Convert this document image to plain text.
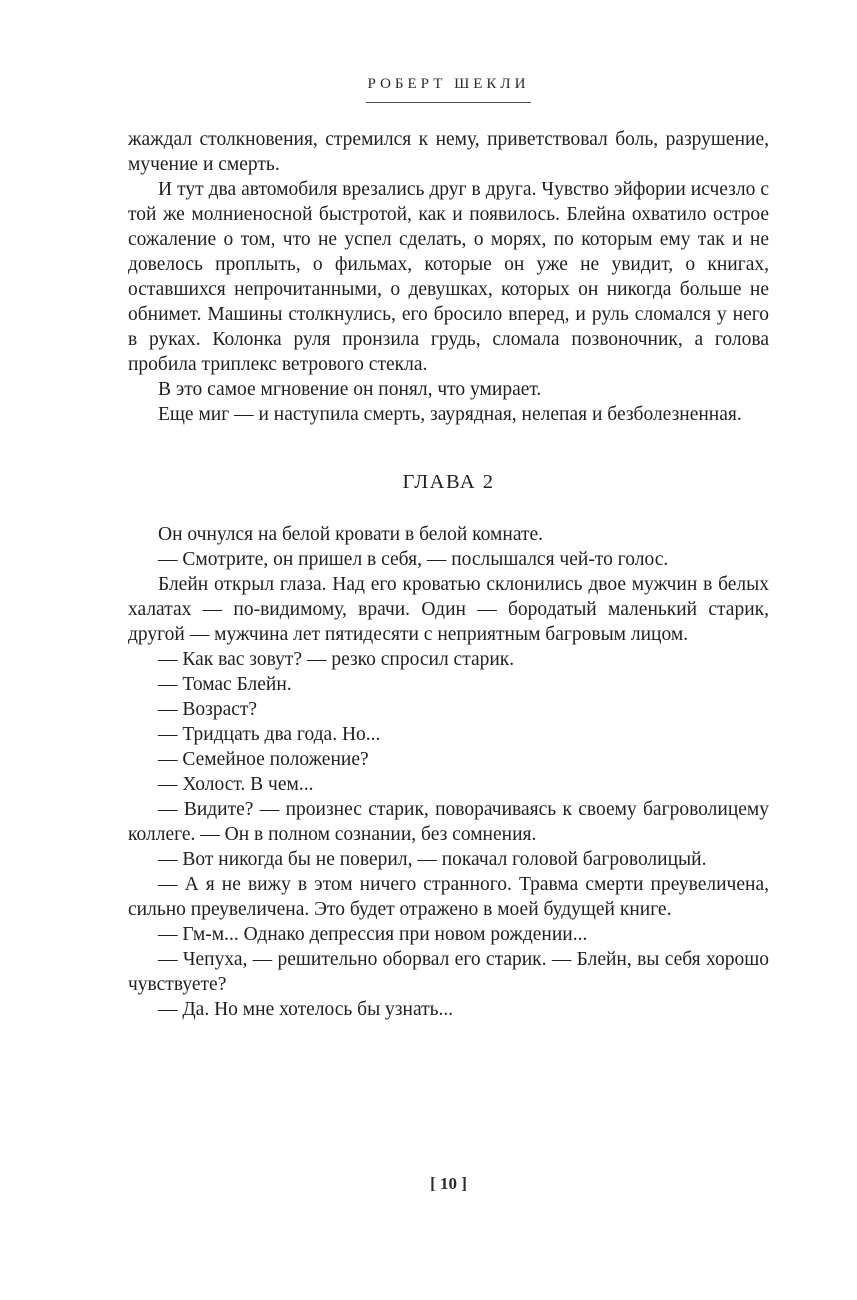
РОБЕРТ ШЕКЛИ

жаждал столкновения, стремился к нему, приветствовал боль, разрушение, мучение и смерть.

И тут два автомобиля врезались друг в друга. Чувство эйфории исчезло с той же молниеносной быстротой, как и появилось. Блейна охватило острое сожаление о том, что не успел сделать, о морях, по которым ему так и не довелось проплыть, о фильмах, которые он уже не увидит, о книгах, оставшихся непрочитанными, о девушках, которых он никогда больше не обнимет. Машины столкнулись, его бросило вперед, и руль сломался у него в руках. Колонка руля пронзила грудь, сломала позвоночник, а голова пробила триплекс ветрового стекла.

В это самое мгновение он понял, что умирает.

Еще миг — и наступила смерть, заурядная, нелепая и безболезненная.

ГЛАВА 2

Он очнулся на белой кровати в белой комнате.

— Смотрите, он пришел в себя, — послышался чей-то голос.

Блейн открыл глаза. Над его кроватью склонились двое мужчин в белых халатах — по-видимому, врачи. Один — бородатый маленький старик, другой — мужчина лет пятидесяти с неприятным багровым лицом.

— Как вас зовут? — резко спросил старик.

— Томас Блейн.

— Возраст?

— Тридцать два года. Но...

— Семейное положение?

— Холост. В чем...

— Видите? — произнес старик, поворачиваясь к своему багроволицему коллеге. — Он в полном сознании, без сомнения.

— Вот никогда бы не поверил, — покачал головой багроволицый.

— А я не вижу в этом ничего странного. Травма смерти преувеличена, сильно преувеличена. Это будет отражено в моей будущей книге.

— Гм-м... Однако депрессия при новом рождении...

— Чепуха, — решительно оборвал его старик. — Блейн, вы себя хорошо чувствуете?

— Да. Но мне хотелось бы узнать...

[ 10 ]
